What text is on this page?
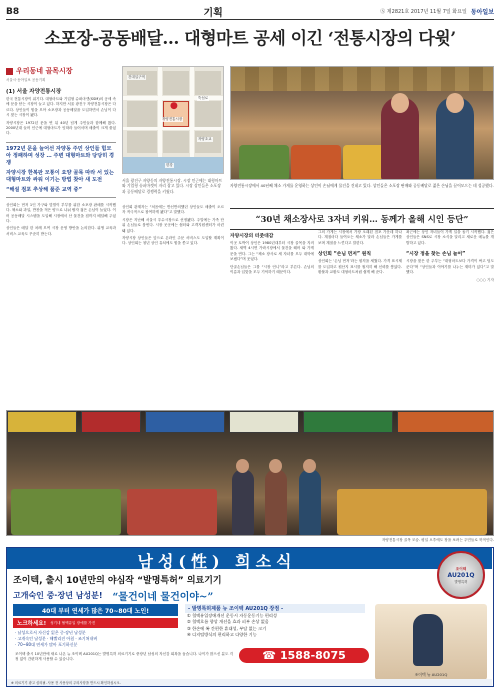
B8	기획	Ⓢ 제2821호 2017년 11월 7일 화요일 동아일보
소포장-공동배달… 대형마트 공세 이긴 ‘전통시장의 다윗’
우리동네 골목시장
서울시·동아일보 공동기획
(1) 서울 자양전통시장

한국 전통시장이 위기다. 대형마트와 기업형 슈퍼마켓(SSM)의 공세 속에 문을 닫는 시장이 늘고 있다. 하지만 서울 광진구 자양전통시장은 다르다. 상인들이 힘을 모아 소포장과 공동배달을 도입하면서 손님이 다시 찾는 시장이 됐다.

자양시장은 1972년 문을 연 뒤 40년 넘게 주민들과 함께해 왔다. 2000년대 들어 인근에 대형마트가 잇따라 들어서며 매출이 크게 줄었다.

1972년 문을 늘어선 자양동 주민 상인들 힘모아 정패하며 성장 … 주변 대형마트와 당당히 경쟁
자양시장 한복판 모퉁이 요양 골목 따라 서 있는 대형마트와 싸워 이기는 방법 찾아 새 도전
“해설 점포 추상해 품준 교역 중”

상인회는 먼저 1인 가구와 맞벌이 부부를 위한 소포장 판매를 시작했다. 채소와 과일, 반찬을 적은 양으로 나눠 팔자 젊은 손님이 늘었다. 이어 공동배달 시스템을 도입해 시장에서 산 물건을 집까지 배달해 주었다.

상인들은 매달 한 차례 모여 시장 운영 방안을 논의한다. 위생 교육과 서비스 교육도 꾸준히 받는다.

●
건대입구역
자양전통시장
뚝섬로
자양초교
한강
서울 광진구 자양동의 자양전통시장. 시장 인근에는 대형마트와 기업형 슈퍼마켓이 자리 잡고 있다. 시장 상인들은 소포장과 공동배달로 경쟁력을 키웠다.
자양전통시장에서 40년째 채소 가게를 운영하는 상인이 손님에게 물건을 건네고 있다. 상인들은 소포장 판매와 공동배달로 젊은 손님을 끌어모으는 데 성공했다.

상인회 관계자는 “처음에는 반신반의했던 상인들도 매출이 오르자 적극적으로 참여하게 됐다”고 말했다.

시장은 지난해 서울시 우수시장으로 선정됐다. 주말에는 가족 단위 손님들로 붐빈다. 시장 곳곳에는 쉼터와 고객지원센터가 마련돼 있다.

자양시장 상인들은 앞으로 온라인 주문 서비스도 도입할 계획이다. 상인회는 청년 상인 유치에도 힘을 쏟고 있다.

“30년 채소장사로 3자녀 키워… 동께가 올해 시인 등단”
자양시장의 터줏대감

이곳 토박이 상인은 1980년대부터 시장 골목을 지켜 왔다. 새벽 4시면 가락시장에서 물건을 떼어 와 가게 문을 연다. 그는 “채소 장사로 세 자녀를 모두 대학에 보냈다”며 웃었다.

단골손님들은 그를 “시장 언니”라고 부른다. 손님의 이름과 입맛을 모두 기억하기 때문이다.

그의 가게는 시장에서 가장 오래된 점포 가운데 하나다. 계절마다 들여오는 채소가 달라 손님들은 가게를 보며 계절을 느낀다고 말한다.

상인회 “손님 먼저” 원칙

상인회는 ‘손님 먼저’라는 원칙을 세웠다. 가격 표시제를 도입하고 원산지 표시를 철저히 해 신뢰를 쌓았다. 환불과 교환도 대형마트처럼 쉽게 해 준다.

최근에는 상인 자녀들이 가게 일을 돕기 시작했다. 젊은 상인들은 SNS로 시장 소식을 알리고 새로운 메뉴를 개발하고 있다.

“시장 정을 찾는 손님 늘어”

시장을 찾은 한 주부는 “대형마트보다 가격이 싸고 덤도 준다”며 “상인들과 이야기를 나누는 재미가 있다”고 말했다.

○○○ 기자
자양전통시장 골목 모습. 평일 오후에도 장을 보려는 주민들로 북적인다.
남성(性) 희소식	조이텍
AU201Q
발명특허
조이텍, 출시 10년만의 야심작 “발명특허” 의료기기
고개숙인 중·장년 남성분! “물건이네 물건이야~”
40대 부터 연세가 많은 70~80대 노인!
노크하세요! 성기내 혈액유입 장애를 가진
· 남성으로서 자신감 잃은 중·장년 남성분
· 고개숙인 남성분 · 해빨리진 아침 · 조기쳐내버
· 70~80대 연세가 많아 포기하신분
- 발명특허제품 뉴 조이텍 AU201Q 장점 -
① 혈액유입장애개선 운동시 자동운동기능 편리성
② 혈액흐름 향상 개선을 효과 피부 손상 없음
③ 한손에 쏙 간편한 휴대성, 부담 없는 크기
④ 디지털방식의 편리하고 다양한 기능
조이텍 출시 10년만에 새로 나온 뉴 조이텍 AU201Q는 발명특허 의료기기로 중장년 남성의 자신감 회복을 돕습니다. 나이가 많으신 분도 걱정 없이 간편하게 사용할 수 있습니다.	☎ 1588-8075
조이텍 뉴 AU201Q
※ 의료기기 광고 심의필. 사용 전 사용상의 주의사항을 반드시 확인하십시오.
